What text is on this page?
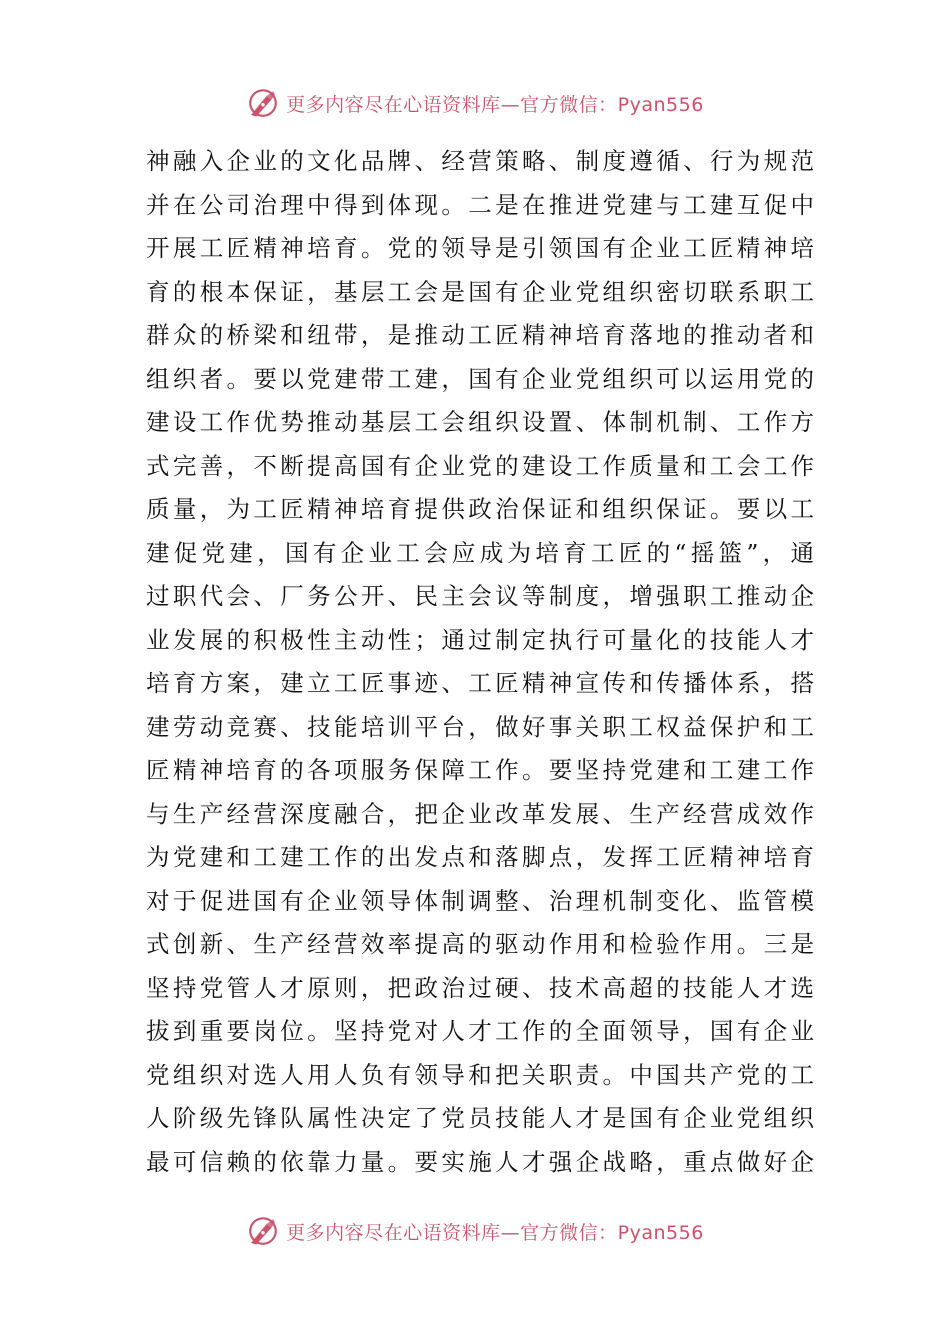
更多内容尽在心语资料库—官方微信：Pyan556
神融入企业的文化品牌、经营策略、制度遵循、行为规范
并在公司治理中得到体现。二是在推进党建与工建互促中
开展工匠精神培育。党的领导是引领国有企业工匠精神培
育的根本保证，基层工会是国有企业党组织密切联系职工
群众的桥梁和纽带，是推动工匠精神培育落地的推动者和
组织者。要以党建带工建，国有企业党组织可以运用党的
建设工作优势推动基层工会组织设置、体制机制、工作方
式完善，不断提高国有企业党的建设工作质量和工会工作
质量，为工匠精神培育提供政治保证和组织保证。要以工
建促党建，国有企业工会应成为培育工匠的“摇篮”，通
过职代会、厂务公开、民主会议等制度，增强职工推动企
业发展的积极性主动性；通过制定执行可量化的技能人才
培育方案，建立工匠事迹、工匠精神宣传和传播体系，搭
建劳动竞赛、技能培训平台，做好事关职工权益保护和工
匠精神培育的各项服务保障工作。要坚持党建和工建工作
与生产经营深度融合，把企业改革发展、生产经营成效作
为党建和工建工作的出发点和落脚点，发挥工匠精神培育
对于促进国有企业领导体制调整、治理机制变化、监管模
式创新、生产经营效率提高的驱动作用和检验作用。三是
坚持党管人才原则，把政治过硬、技术高超的技能人才选
拔到重要岗位。坚持党对人才工作的全面领导，国有企业
党组织对选人用人负有领导和把关职责。中国共产党的工
人阶级先锋队属性决定了党员技能人才是国有企业党组织
最可信赖的依靠力量。要实施人才强企战略，重点做好企
更多内容尽在心语资料库—官方微信：Pyan556
